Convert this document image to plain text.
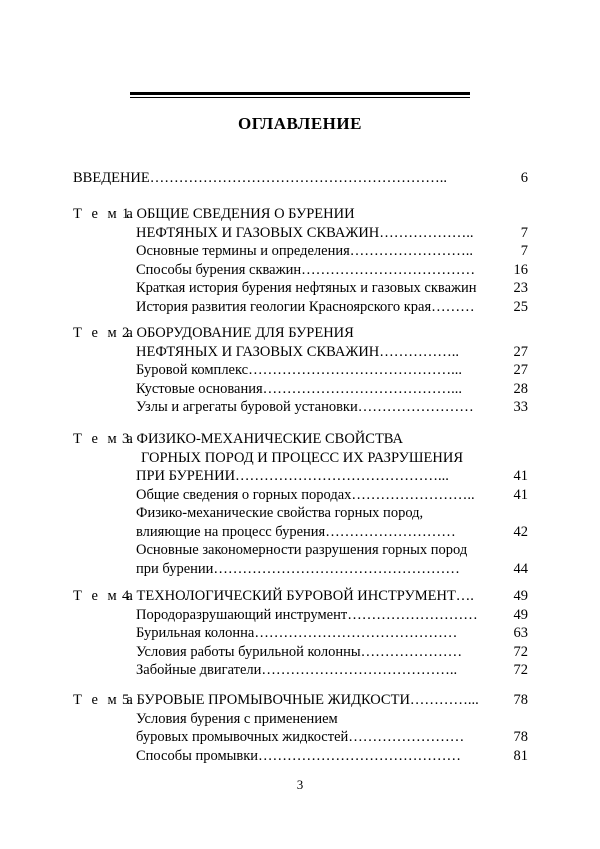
ОГЛАВЛЕНИЕ
ВВЕДЕНИЕ……………………………………………………..	6
Т е м а
1. ОБЩИЕ СВЕДЕНИЯ О БУРЕНИИ
НЕФТЯНЫХ И ГАЗОВЫХ СКВАЖИН………………..	7
Основные термины и определения……………………..	7
Способы бурения скважин………………………………	16
Краткая история бурения нефтяных и газовых скважин	23
История развития геологии Красноярского края………	25
Т е м а
2. ОБОРУДОВАНИЕ ДЛЯ БУРЕНИЯ
НЕФТЯНЫХ И ГАЗОВЫХ СКВАЖИН……………..	27
Буровой комплекс……………………………………...	27
Кустовые основания…………………………………...	28
Узлы и агрегаты буровой установки……………………	33
Т е м а
3. ФИЗИКО-МЕХАНИЧЕСКИЕ СВОЙСТВА
ГОРНЫХ ПОРОД И ПРОЦЕСС ИХ РАЗРУШЕНИЯ
ПРИ БУРЕНИИ……………………………………...	41
Общие сведения о горных породах……………………..	41
Физико-механические свойства горных пород,
влияющие на процесс бурения………………………	42
Основные закономерности разрушения горных пород
при бурении……………………………………………	44
Т е м а
4. ТЕХНОЛОГИЧЕСКИЙ БУРОВОЙ ИНСТРУМЕНТ….	49
Породоразрушающий инструмент………………………	49
Бурильная колонна……………………………………	63
Условия работы бурильной колонны…………………	72
Забойные двигатели…………………………………..	72
Т е м а
5. БУРОВЫЕ ПРОМЫВОЧНЫЕ ЖИДКОСТИ…………...	78
Условия бурения с применением
буровых промывочных жидкостей……………………	78
Способы промывки……………………………………	81
3
